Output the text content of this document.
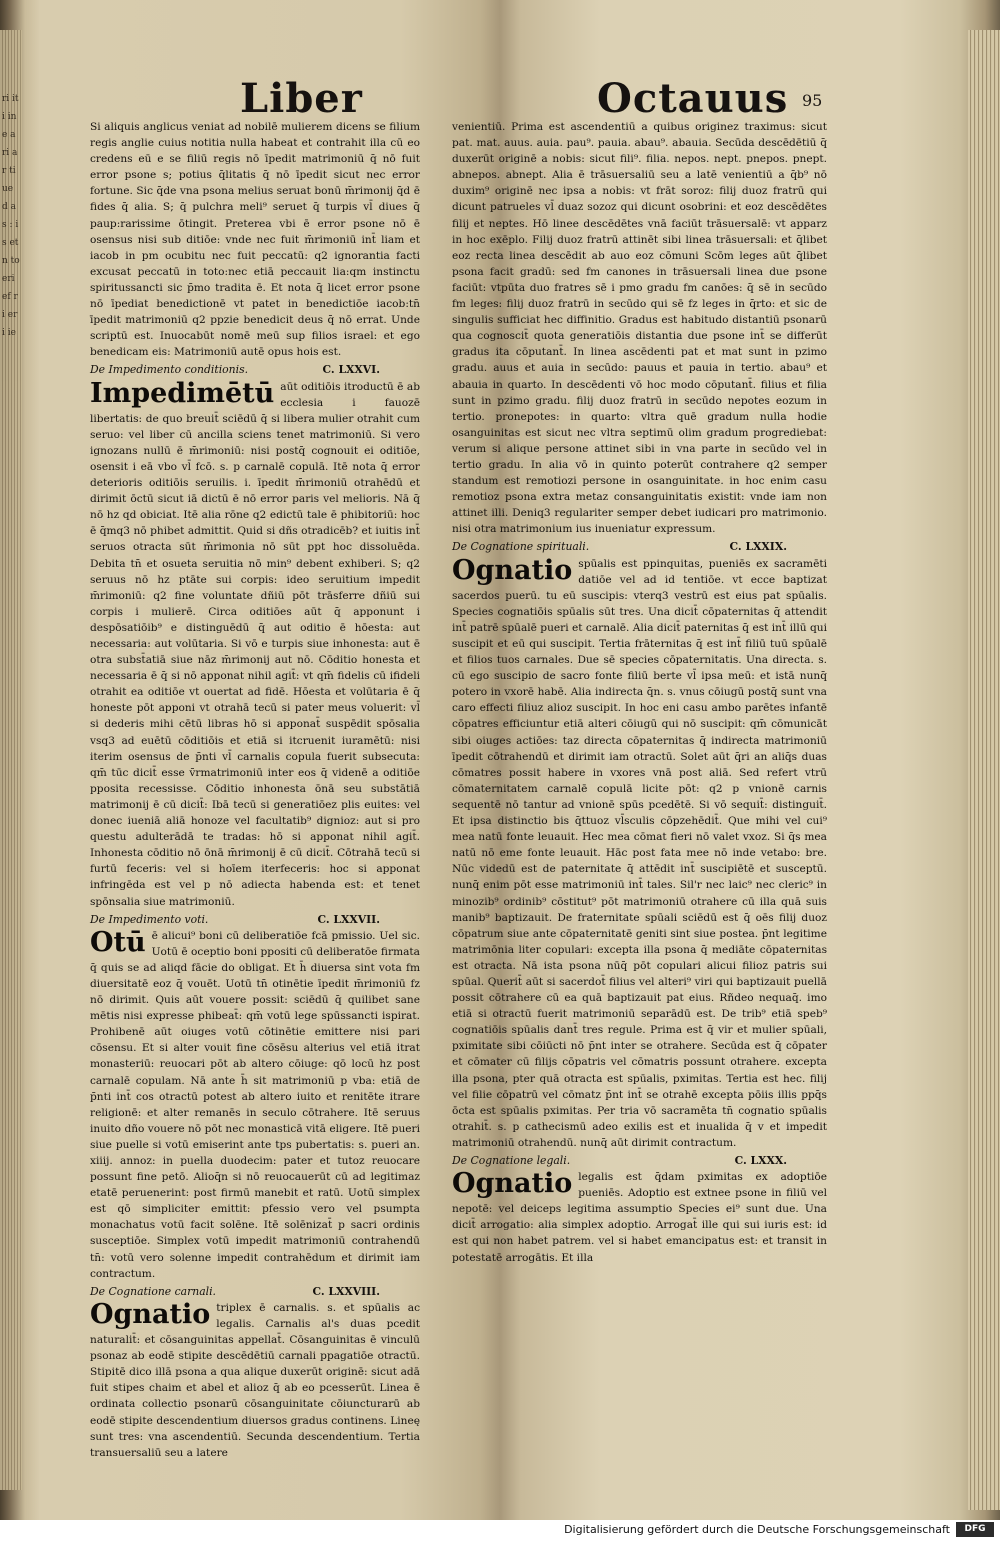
ri it i ine a ri ar ti ue d a s : is et n to eri ef ri eri ie
Liber	Octauus 95

Si aliquis anglicus veniat ad nobilē mulierem dicens se filium regis anglie cuius notitia nulla habeat et contrahit illa cū eo credens eū e se filiū regis nō īpedit matrimoniū q̄ nō fuit error psone s; potius q̄litatis q̄ nō īpedit sicut nec error fortune. Sic q̄de vna psona melius seruat bonū m̄rimonij q̄d ē fides q̄ alia. S; q̄ pulchra meli⁹ seruet q̄ turpis vl̄ diues q̄ paup:rarissime ōtingit. Preterea vbi ē error psone nō ē osensus nisi sub ditiōe: vnde nec fuit m̄rimoniū int̄ liam et iacob in pm ocubitu nec fuit peccatū: q2 ignorantia facti excusat peccatū in toto:nec etiā peccauit lia:qm instinctu spiritussancti sic p̄mo tradita ē. Et nota q̄ licet error psone nō īpediat benedictionē vt patet in benedictiōe iacob:tn̄ īpedit matrimoniū q2 ppzie benedicit deus q̄ nō errat. Unde scriptū est. Inuocabūt nomē meū sup filios israel: et ego benedicam eis: Matrimoniū autē opus hois est.

De Impedimento conditionis.	C. LXXVI.

Impedimētū aūt oditiōis itroductū ē ab ecclesia i fauozē libertatis: de quo breuit̄ sciēdū q̄ si libera mulier otrahit cum seruo: vel liber cū ancilla sciens tenet matrimoniū. Si vero ignozans nullū ē m̄rimoniū: nisi postq̄ cognouit ei oditiōe, osensit i eā vbo vl̄ fcō. s. p carnalē copulā. Itē nota q̄ error deterioris oditiōis seruilis. i. īpedit m̄rimoniū otrahēdū et dirimit ōctū sicut iā dictū ē nō error paris vel melioris. Nā q̄ nō hz qd obiciat. Itē alia rōne q2 edictū tale ē phibitoriū: hoc ē q̄mq3 nō phibet admittit. Quid si dñs otradicēb? et iuitis int̄ seruos otracta sūt m̄rimonia nō sūt ppt hoc dissoluēda. Debita tn̄ et osueta seruitia nō min⁹ debent exhiberi. S; q2 seruus nō hz ptāte sui corpis: ideo seruitium impedit m̄rimoniū: q2 fine voluntate dñiū pōt trāsferre dñiū sui corpis i mulierē. Circa oditiōes aūt q̄ apponunt i despōsatiōib⁹ e distinguēdū q̄ aut oditio ē hōesta: aut necessaria: aut volūtaria. Si vō e turpis siue inhonesta: aut ē otra subst̄atiā siue nāz m̄rimonij aut nō. Cōditio honesta et necessaria ē q̄ si nō apponat nihil agit̄: vt qm̄ fidelis cū ifideli otrahit ea oditiōe vt ouertat ad fidē. Hōesta et volūtaria ē q̄ honeste pōt apponi vt otrahā tecū si pater meus voluerit: vl̄ si dederis mihi cētū libras hō si apponat̄ suspēdit spōsalia vsq3 ad euētū cōditiōis et etiā si itcruenit iuramētū: nisi iterim osensus de p̄nti vl̄ carnalis copula fuerit subsecuta: qm̄ tūc dicit̄ esse v̄rmatrimoniū inter eos q̄ videnē a oditiōe pposita recessisse. Cōditio inhonesta ōnā seu substātiā matrimonij ē cū dicit̄: Ibā tecū si generatiōez plis euites: vel donec iueniā aliā honoze vel facultatib⁹ dignioz: aut si pro questu adulterādā te tradas: hō si apponat nihil agit̄. Inhonesta cōditio nō ōnā m̄rimonij ē cū dicit̄. Cōtrahā tecū si furtū feceris: vel si hoīem iterfeceris: hoc si apponat infringēda est vel p nō adiecta habenda est: et tenet spōnsalia siue matrimoniū.

De Impedimento voti.	C. LXXVII.

Otū ē alicui⁹ boni cū deliberatiōe fcā pmissio. Uel sic. Uotū ē oceptio boni ppositi cū deliberatōe firmata q̄ quis se ad aliqd fācie do obligat. Et h̄ diuersa sint vota fm diuersitatē eoz q̄ vouēt. Uotū tn̄ otinētie īpedit m̄rimoniū fz nō dirimit. Quis aūt vouere possit: sciēdū q̄ quilibet sane mētis nisi expresse phibeat̄: qm̄ votū lege spūssancti ispirat. Prohibenē aūt oiuges votū cōtinētie emittere nisi pari cōsensu. Et si alter vouit fine cōsēsu alterius vel etiā itrat monasteriū: reuocari pōt ab altero cōiuge: qō locū hz post carnalē copulam. Nā ante h̄ sit matrimoniū p vba: etiā de p̄nti int̄ cos otractū potest ab altero iuito et renitēte itrare religionē: et alter remanēs in seculo cōtrahere. Itē seruus inuito dño vouere nō pōt nec monasticā vitā eligere. Itē pueri siue puelle si votū emiserint ante tps pubertatis: s. pueri an. xiiij. annoz: in puella duodecim: pater et tutoz reuocare possunt fine petō. Alioq̄n si nō reuocauerūt cū ad legitimaz etatē peruenerint: post firmū manebit et ratū. Uotū simplex est qō simpliciter emittit: pfessio vero vel psumpta monachatus votū facit solēne. Itē solēnizat̄ p sacri ordinis susceptiōe. Simplex votū impedit matrimoniū contrahendū tn̄: votū vero solenne impedit contrahēdum et dirimit iam contractum.

De Cognatione carnali.	C. LXXVIII.

Ognatio triplex ē carnalis. s. et spūalis ac legalis. Carnalis al's duas pcedit naturalit̄: et cōsanguinitas appellat̄. Cōsanguinitas ē vinculū psonaz ab eodē stipite descēdētiū carnali ppagatiōe otractū. Stipitē dico illā psona a qua alique duxerūt originē: sicut adā fuit stipes chaim et abel et alioz q̄ ab eo pcesserūt. Linea ē ordinata collectio psonarū cōsanguinitate cōiuncturarū ab eodē stipite descendentium diuersos gradus continens. Lineę sunt tres: vna ascendentiū. Secunda descendentium. Tertia transuersaliū seu a latere

venientiū. Prima est ascendentiū a quibus originez traximus: sicut pat. mat. auus. auia. pau⁹. pauia. abau⁹. abauia. Secūda descēdētiū q̄ duxerūt originē a nobis: sicut fili⁹. filia. nepos. nept. pnepos. pnept. abnepos. abnept. Alia ē trāsuersaliū seu a latē venientiū a q̄b⁹ nō duxim⁹ originē nec ipsa a nobis: vt frāt soroz: filij duoz fratrū qui dicunt patrueles vl̄ duaz sozoz qui dicunt osobrini: et eoz descēdētes filij et neptes. Hō linee descēdētes vnā faciūt trāsuersalē: vt apparz in hoc exēplo. Filij duoz fratrū attinēt sibi linea trāsuersali: et q̄libet eoz recta linea descēdit ab auo eoz cōmuni Scōm leges aūt q̄libet psona facit gradū: sed fm canones in trāsuersali linea due psone faciūt: vtpūta duo fratres sē i pmo gradu fm canōes: q̄ sē in secūdo fm leges: filij duoz fratrū in secūdo qui sē fz leges in q̄rto: et sic de singulis sufficiat hec diffinitio. Gradus est habitudo distantiū psonarū qua cognoscit̄ quota generatiōis distantia due psone int̄ se differūt gradus ita cōputant̄. In linea ascēdenti pat et mat sunt in pzimo gradu. auus et auia in secūdo: pauus et pauia in tertio. abau⁹ et abauia in quarto. In descēdenti vō hoc modo cōputant̄. filius et filia sunt in pzimo gradu. filij duoz fratrū in secūdo nepotes eozum in tertio. pronepotes: in quarto: vltra quē gradum nulla hodie osanguinitas est sicut nec vltra septimū olim gradum progrediebat: verum si alique persone attinet sibi in vna parte in secūdo vel in tertio gradu. In alia vō in quinto poterūt contrahere q2 semper standum est remotiozi persone in osanguinitate. in hoc enim casu remotioz psona extra metaz consanguinitatis existit: vnde iam non attinet illi. Deniq3 regulariter semper debet iudicari pro matrimonio. nisi otra matrimonium ius inueniatur expressum.

De Cognatione spirituali.	C. LXXIX.

Ognatio spūalis est ppinquitas, pueniēs ex sacramēti datiōe vel ad id tentiōe. vt ecce baptizat sacerdos puerū. tu eū suscipis: vterq3 vestrū est eius pat spūalis. Species cognatiōis spūalis sūt tres. Una dicit̄ cōpaternitas q̄ attendit int̄ patrē spūalē pueri et carnalē. Alia dicit̄ paternitas q̄ est int̄ illū qui suscipit et eū qui suscipit. Tertia frāternitas q̄ est int̄ filiū tuū spūalē et filios tuos carnales. Due sē species cōpaternitatis. Una directa. s. cū ego suscipio de sacro fonte filiū berte vl̄ ipsa meū: et istā nunq̄ potero in vxorē habē. Alia indirecta q̄n. s. vnus cōiugū postq̄ sunt vna caro effecti filiuz alioz suscipit. In hoc eni casu ambo parētes infantē cōpatres efficiuntur etiā alteri cōiugū qui nō suscipit: qm̄ cōmunicāt sibi oiuges actiōes: taz directa cōpaternitas q̄ indirecta matrimoniū īpedit cōtrahendū et dirimit iam otractū. Solet aūt q̄ri an aliq̄s duas cōmatres possit habere in vxores vnā post aliā. Sed refert vtrū cōmaternitatem carnalē copulā licite pōt: q2 p vnionē carnis sequentē nō tantur ad vnionē spūs pcedētē. Si vō sequit̄: distinguit̄. Et ipsa distinctio bis q̄ttuoz vl̄sculis cōpzehēdit̄. Que mihi vel cui⁹ mea natū fonte leuauit. Hec mea cōmat fieri nō valet vxoz. Si q̄s mea natū nō eme fonte leuauit. Hāc post fata mee nō inde vetabo: bre. Nūc videdū est de paternitate q̄ attēdit int̄ suscipiētē et susceptū. nunq̄ enim pōt esse matrimoniū int̄ tales. Sil'r nec laic⁹ nec cleric⁹ in minozib⁹ ordinib⁹ cōstitut⁹ pōt matrimoniū otrahere cū illa quā suis manib⁹ baptizauit. De fraternitate spūali sciēdū est q̄ oēs filij duoz cōpatrum siue ante cōpaternitatē geniti sint siue postea. p̄nt legitime matrimōnia liter copulari: excepta illa psona q̄ mediāte cōpaternitas est otracta. Nā ista psona nūq̄ pōt copulari alicui filioz patris sui spūal. Querit̄ aūt si sacerdot̄ filius vel alteri⁹ viri qui baptizauit puellā possit cōtrahere cū ea quā baptizauit pat eius. Rñdeo nequaq̄. imo etiā si otractū fuerit matrimoniū separādū est. De trib⁹ etiā speb⁹ cognatiōis spūalis dant̄ tres regule. Prima est q̄ vir et mulier spūali, pximitate sibi cōiūcti nō p̄nt inter se otrahere. Secūda est q̄ cōpater et cōmater cū filijs cōpatris vel cōmatris possunt otrahere. excepta illa psona, pter quā otracta est spūalis, pximitas. Tertia est hec. filij vel filie cōpatrū vel cōmatz p̄nt int̄ se otrahē excepta pōiis illis ppq̄s ōcta est spūalis pximitas. Per tria vō sacramēta tn̄ cognatio spūalis otrahit̄. s. p cathecismū adeo exilis est et inualida q̄ v et impedit matrimoniū otrahendū. nunq̄ aūt dirimit contractum.

De Cognatione legali.	C. LXXX.

Ognatio legalis est q̄dam pximitas ex adoptiōe pueniēs. Adoptio est extnee psone in filiū vel nepotē: vel deiceps legitima assumptio Species ei⁹ sunt due. Una dicit̄ arrogatio: alia simplex adoptio. Arrogat̄ ille qui sui iuris est: id est qui non habet patrem. vel si habet emancipatus est: et transit in potestatē arrogātis. Et illa

Digitalisierung gefördert durch die Deutsche Forschungsgemeinschaft	DFG
